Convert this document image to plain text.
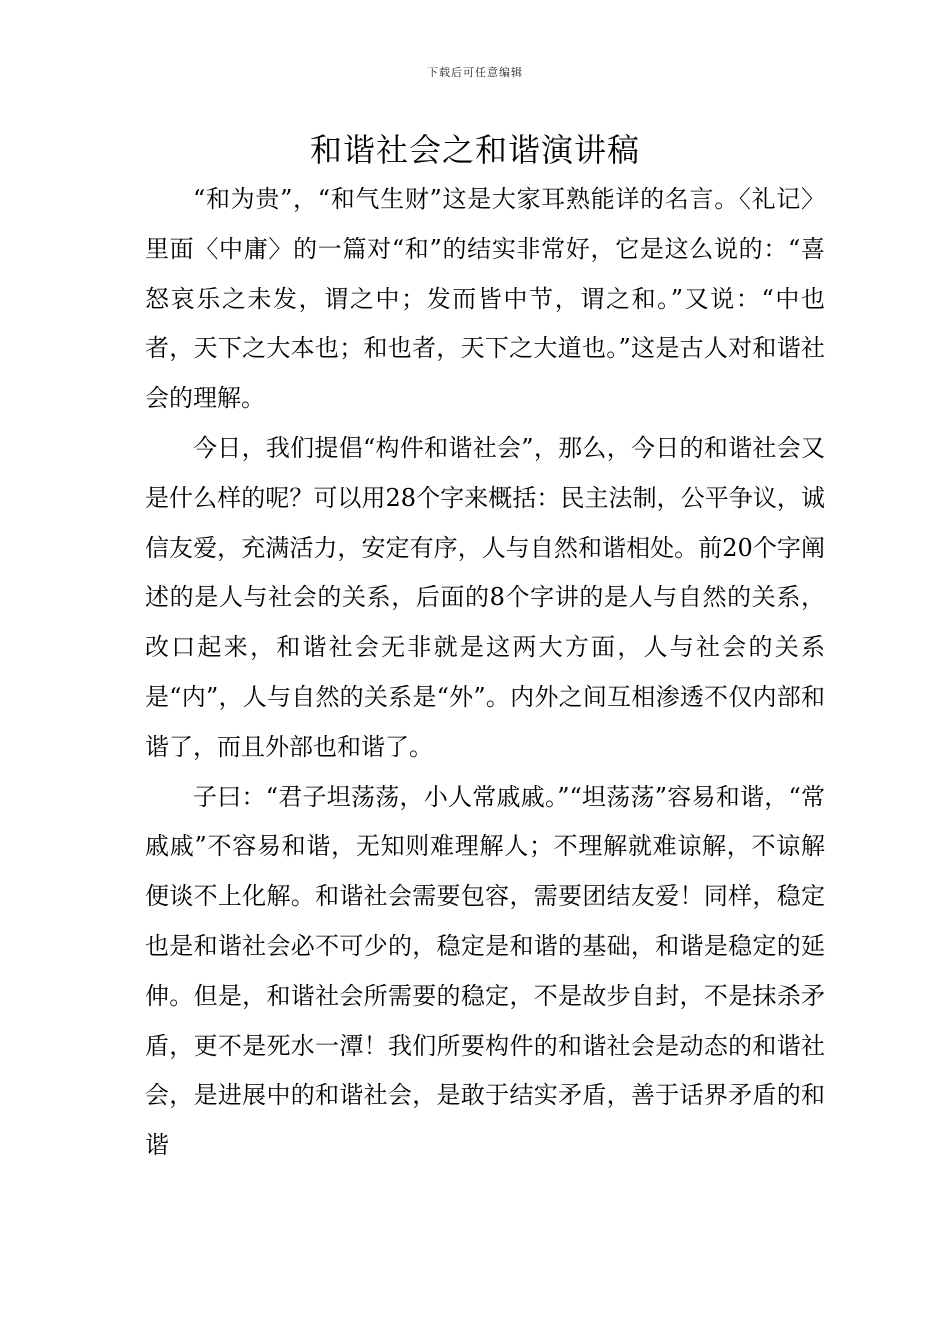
下载后可任意编辑
和谐社会之和谐演讲稿

“和为贵”，“和气生财”这是大家耳熟能详的名言。〈礼记〉里面〈中庸〉的一篇对“和”的结实非常好，它是这么说的：“喜怒哀乐之未发，谓之中；发而皆中节，谓之和。”又说：“中也者，天下之大本也；和也者，天下之大道也。”这是古人对和谐社会的理解。

今日，我们提倡“构件和谐社会”，那么，今日的和谐社会又是什么样的呢？可以用28个字来概括：民主法制，公平争议，诚信友爱，充满活力，安定有序，人与自然和谐相处。前20个字阐述的是人与社会的关系，后面的8个字讲的是人与自然的关系，改口起来，和谐社会无非就是这两大方面，人与社会的关系是“内”，人与自然的关系是“外”。内外之间互相渗透不仅内部和谐了，而且外部也和谐了。

子曰：“君子坦荡荡，小人常戚戚。”“坦荡荡”容易和谐，“常戚戚”不容易和谐，无知则难理解人；不理解就难谅解，不谅解便谈不上化解。和谐社会需要包容，需要团结友爱！同样，稳定也是和谐社会必不可少的，稳定是和谐的基础，和谐是稳定的延伸。但是，和谐社会所需要的稳定，不是故步自封，不是抹杀矛盾，更不是死水一潭！我们所要构件的和谐社会是动态的和谐社会，是进展中的和谐社会，是敢于结实矛盾，善于话界矛盾的和谐
